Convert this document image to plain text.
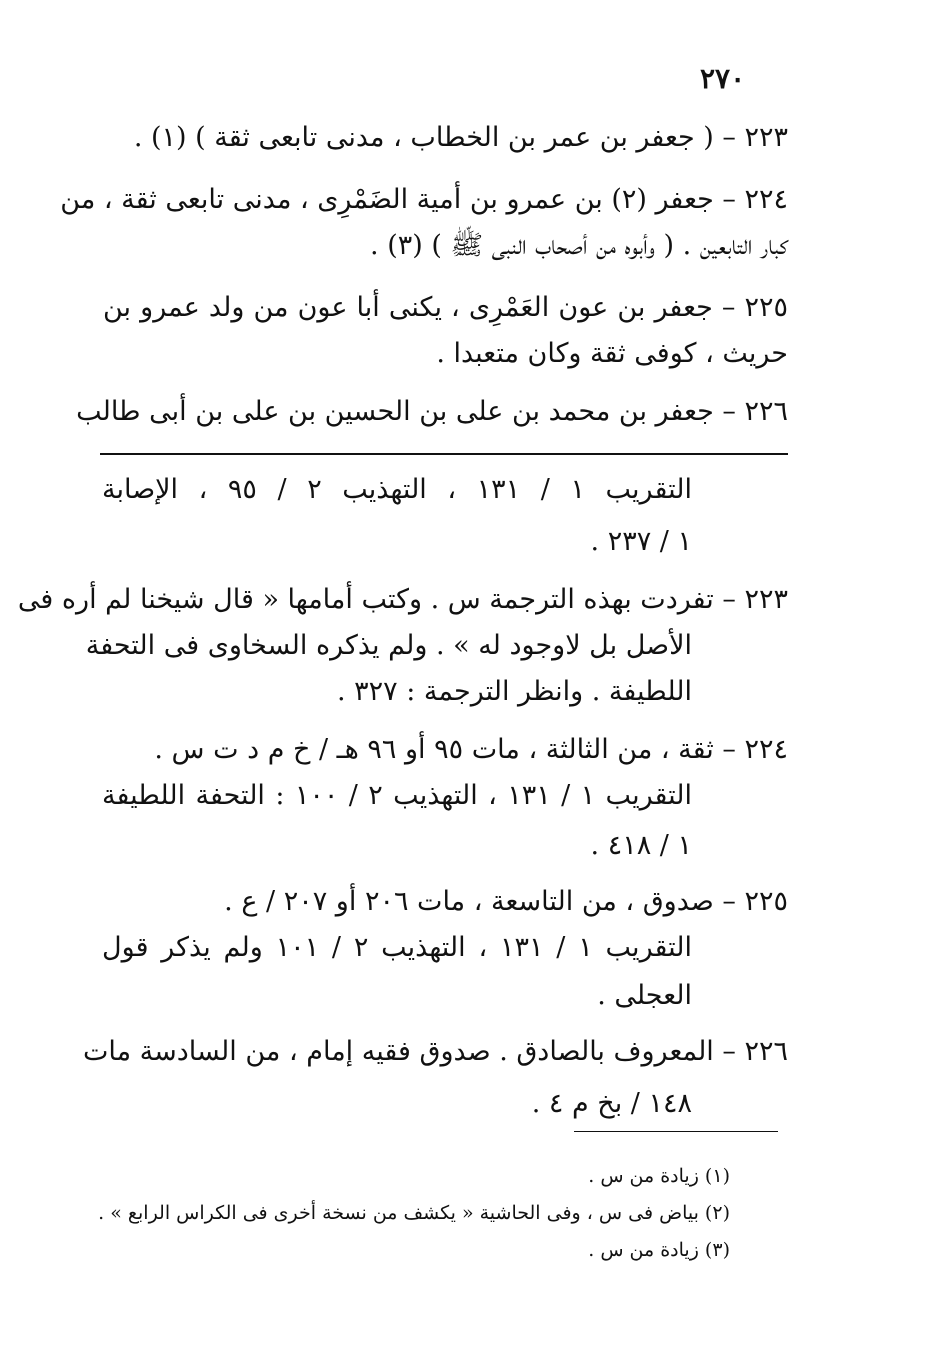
٢٧٠
٢٢٣ – ( جعفر بن عمر بن الخطاب ، مدنى تابعى ثقة ) (١) .
٢٢٤ – جعفر (٢) بن عمرو بن أمية الضَمْرِى ، مدنى تابعى ثقة ، من
كبار التابعين . ( وأبوه من أصحاب النبى ﷺ ) (٣) .
٢٢٥ – جعفر بن عون العَمْرِى ، يكنى أبا عون من ولد عمرو بن
حريث ، كوفى ثقة وكان متعبدا .
٢٢٦ – جعفر بن محمد بن على بن الحسين بن على بن أبى طالب
التقريب ١ / ١٣١ ، التهذيب ٢ / ٩٥ ، الإصابة
١ / ٢٣٧ .
٢٢٣ – تفردت بهذه الترجمة س . وكتب أمامها « قال شيخنا لم أره فى
الأصل بل لاوجود له » . ولم يذكره السخاوى فى التحفة
اللطيفة . وانظر الترجمة : ٣٢٧ .
٢٢٤ – ثقة ، من الثالثة ، مات ٩٥ أو ٩٦ هـ / خ م د ت س .
التقريب ١ / ١٣١ ، التهذيب ٢ / ١٠٠ : التحفة اللطيفة
١ / ٤١٨ .
٢٢٥ – صدوق ، من التاسعة ، مات ٢٠٦ أو ٢٠٧ / ع .
التقريب ١ / ١٣١ ، التهذيب ٢ / ١٠١ ولم يذكر قول
العجلى .
٢٢٦ – المعروف بالصادق . صدوق فقيه إمام ، من السادسة مات
١٤٨ / بخ م ٤ .
(١) زيادة من س .
(٢) بياض فى س ، وفى الحاشية « يكشف من نسخة أخرى فى الكراس الرابع » .
(٣) زيادة من س .
